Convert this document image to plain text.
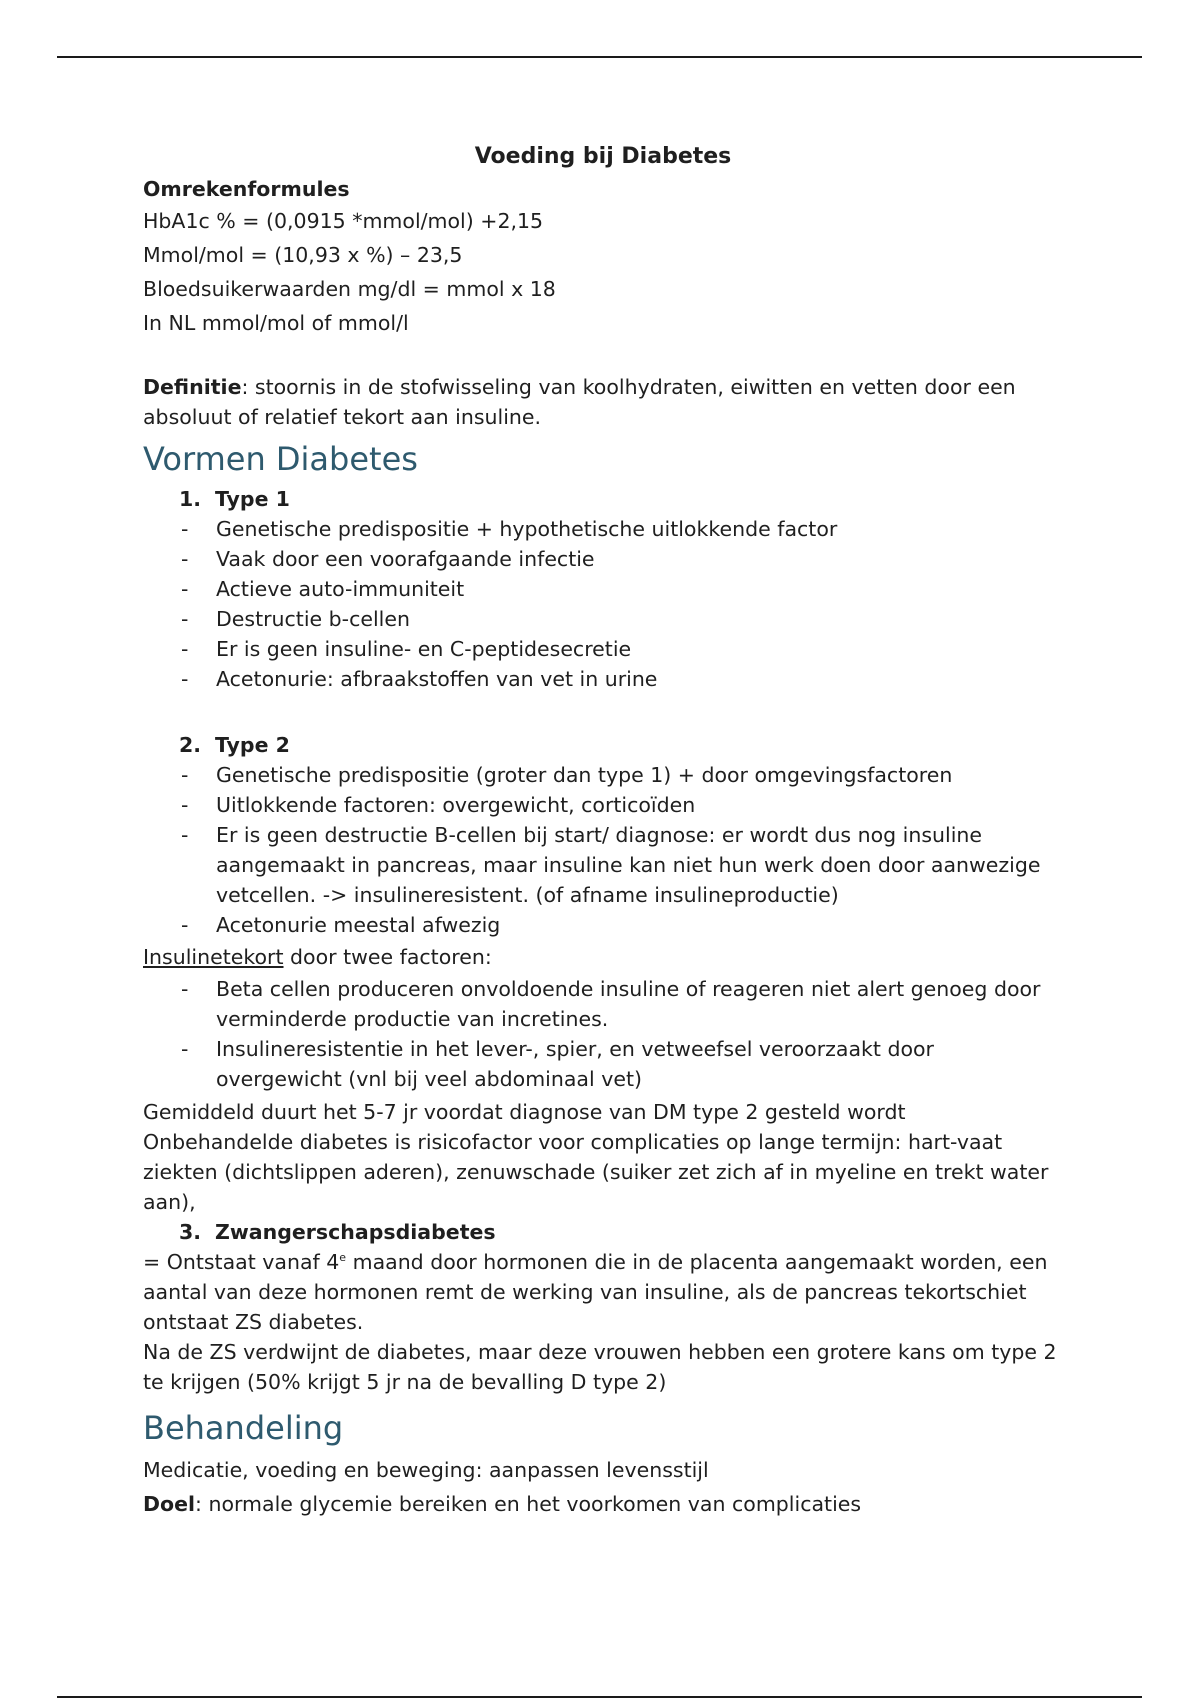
Voeding bij Diabetes
Omrekenformules
HbA1c % = (0,0915 *mmol/mol) +2,15
Mmol/mol = (10,93 x %) – 23,5
Bloedsuikerwaarden mg/dl = mmol x 18
In NL mmol/mol of mmol/l

Definitie: stoornis in de stofwisseling van koolhydraten, eiwitten en vetten door een absoluut of relatief tekort aan insuline.

Vormen Diabetes
1. Type 1
- Genetische predispositie + hypothetische uitlokkende factor
- Vaak door een voorafgaande infectie
- Actieve auto-immuniteit
- Destructie b-cellen
- Er is geen insuline- en C-peptidesecretie
- Acetonurie: afbraakstoffen van vet in urine
2. Type 2
- Genetische predispositie (groter dan type 1) + door omgevingsfactoren
- Uitlokkende factoren: overgewicht, corticoïden
- Er is geen destructie B-cellen bij start/ diagnose: er wordt dus nog insuline aangemaakt in pancreas, maar insuline kan niet hun werk doen door aanwezige vetcellen. -> insulineresistent. (of afname insulineproductie)
- Acetonurie meestal afwezig

Insulinetekort door twee factoren:

- Beta cellen produceren onvoldoende insuline of reageren niet alert genoeg door verminderde productie van incretines.
- Insulineresistentie in het lever-, spier, en vetweefsel veroorzaakt door overgewicht (vnl bij veel abdominaal vet)

Gemiddeld duurt het 5-7 jr voordat diagnose van DM type 2 gesteld wordt

Onbehandelde diabetes is risicofactor voor complicaties op lange termijn: hart-vaat ziekten (dichtslippen aderen), zenuwschade (suiker zet zich af in myeline en trekt water aan),

3. Zwangerschapsdiabetes

= Ontstaat vanaf 4e maand door hormonen die in de placenta aangemaakt worden, een aantal van deze hormonen remt de werking van insuline, als de pancreas tekortschiet ontstaat ZS diabetes.

Na de ZS verdwijnt de diabetes, maar deze vrouwen hebben een grotere kans om type 2 te krijgen (50% krijgt 5 jr na de bevalling D type 2)

Behandeling
Medicatie, voeding en beweging: aanpassen levensstijl
Doel: normale glycemie bereiken en het voorkomen van complicaties
